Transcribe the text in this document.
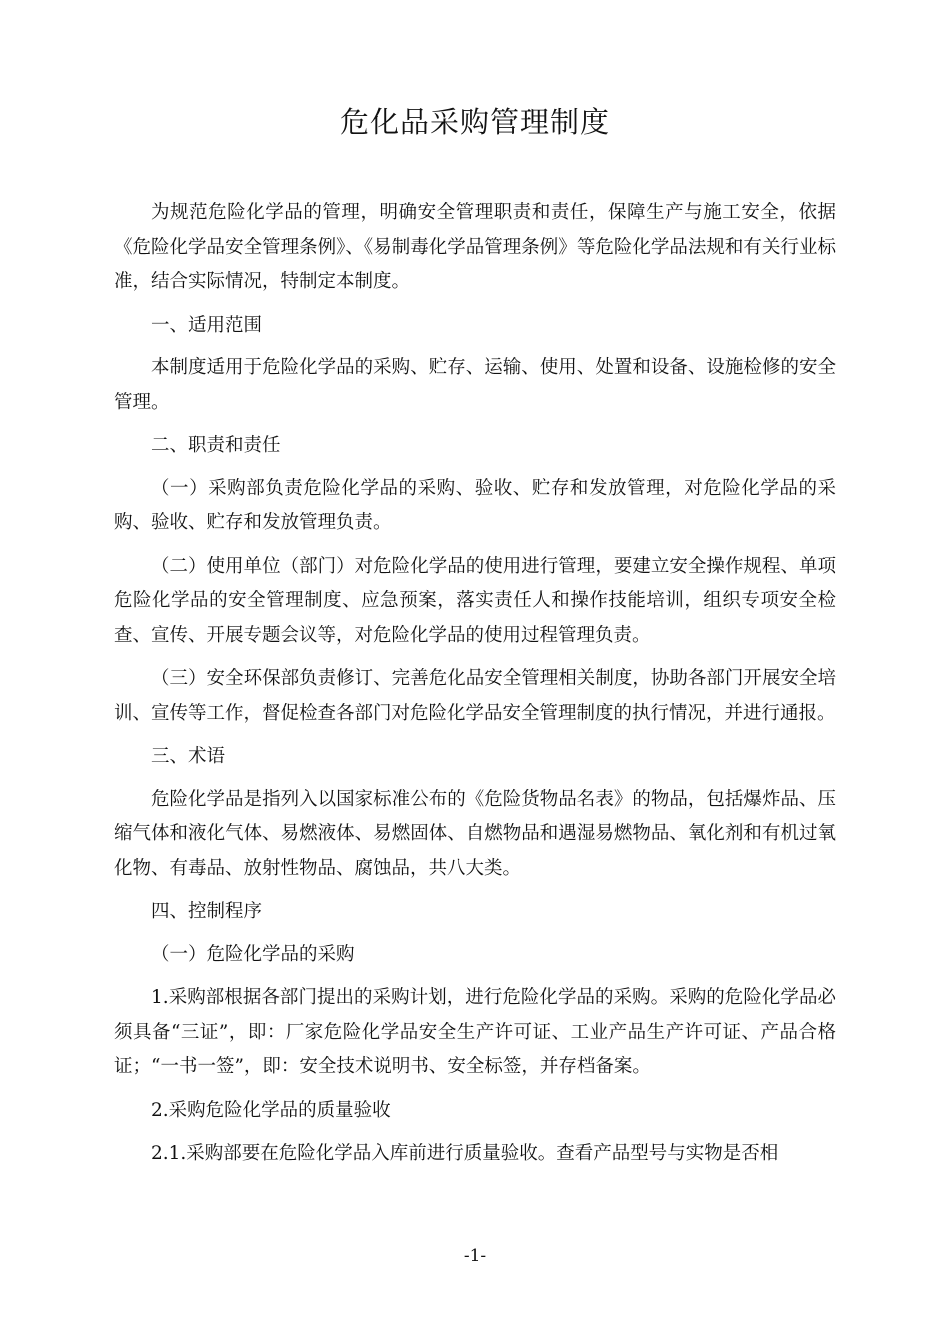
危化品采购管理制度

为规范危险化学品的管理，明确安全管理职责和责任，保障生产与施工安全，依据《危险化学品安全管理条例》、《易制毒化学品管理条例》等危险化学品法规和有关行业标准，结合实际情况，特制定本制度。

一、适用范围

本制度适用于危险化学品的采购、贮存、运输、使用、处置和设备、设施检修的安全管理。

二、职责和责任

（一）采购部负责危险化学品的采购、验收、贮存和发放管理，对危险化学品的采购、验收、贮存和发放管理负责。

（二）使用单位（部门）对危险化学品的使用进行管理，要建立安全操作规程、单项危险化学品的安全管理制度、应急预案，落实责任人和操作技能培训，组织专项安全检查、宣传、开展专题会议等，对危险化学品的使用过程管理负责。

（三）安全环保部负责修订、完善危化品安全管理相关制度，协助各部门开展安全培训、宣传等工作，督促检查各部门对危险化学品安全管理制度的执行情况，并进行通报。

三、术语

危险化学品是指列入以国家标准公布的《危险货物品名表》的物品，包括爆炸品、压缩气体和液化气体、易燃液体、易燃固体、自燃物品和遇湿易燃物品、氧化剂和有机过氧化物、有毒品、放射性物品、腐蚀品，共八大类。

四、控制程序

（一）危险化学品的采购

1.采购部根据各部门提出的采购计划，进行危险化学品的采购。采购的危险化学品必须具备“三证”，即：厂家危险化学品安全生产许可证、工业产品生产许可证、产品合格证；“一书一签”，即：安全技术说明书、安全标签，并存档备案。

2.采购危险化学品的质量验收

2.1.采购部要在危险化学品入库前进行质量验收。查看产品型号与实物是否相

-1-
